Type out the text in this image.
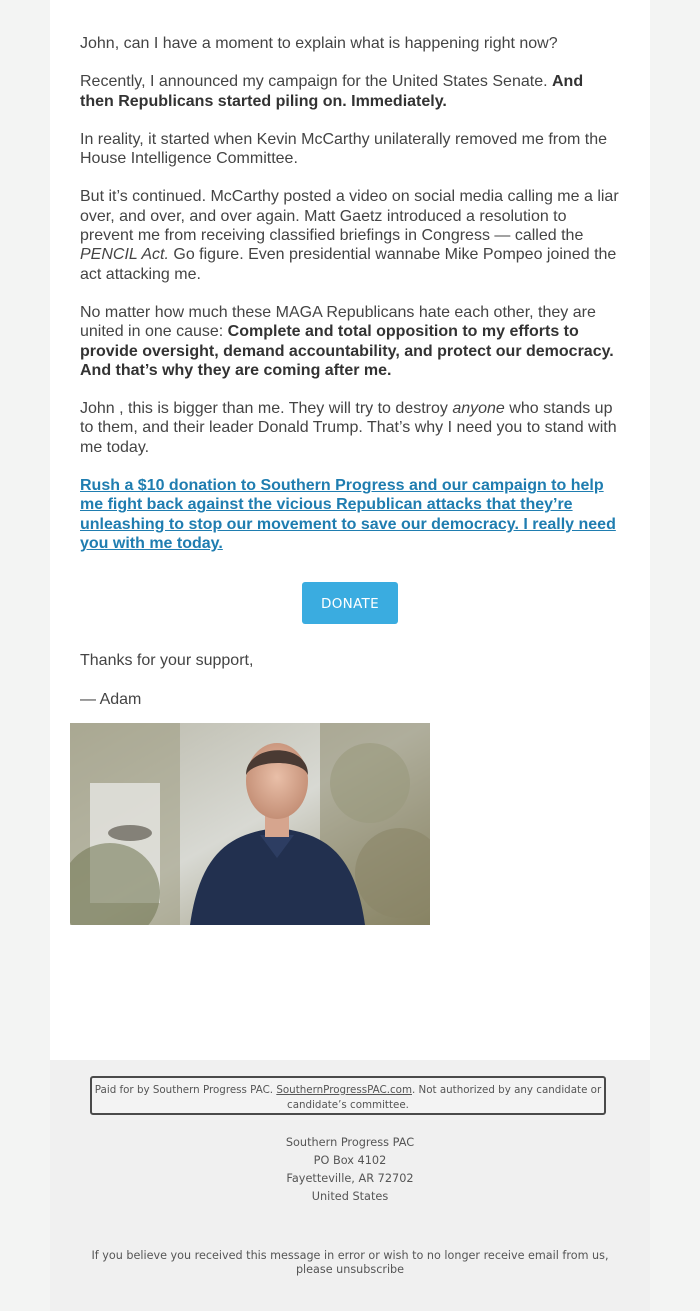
John, can I have a moment to explain what is happening right now?

Recently, I announced my campaign for the United States Senate. And then Republicans started piling on. Immediately.

In reality, it started when Kevin McCarthy unilaterally removed me from the House Intelligence Committee.

But it’s continued. McCarthy posted a video on social media calling me a liar over, and over, and over again. Matt Gaetz introduced a resolution to prevent me from receiving classified briefings in Congress — called the PENCIL Act. Go figure. Even presidential wannabe Mike Pompeo joined the act attacking me.

No matter how much these MAGA Republicans hate each other, they are united in one cause: Complete and total opposition to my efforts to provide oversight, demand accountability, and protect our democracy. And that’s why they are coming after me.

John , this is bigger than me. They will try to destroy anyone who stands up to them, and their leader Donald Trump. That’s why I need you to stand with me today.

Rush a $10 donation to Southern Progress and our campaign to help me fight back against the vicious Republican attacks that they’re unleashing to stop our movement to save our democracy. I really need you with me today.
DONATE

Thanks for your support,

— Adam

Paid for by Southern Progress PAC. SouthernProgressPAC.com. Not authorized by any candidate or candidate’s committee.
Southern Progress PAC
PO Box 4102
Fayetteville, AR 72702
United States
If you believe you received this message in error or wish to no longer receive email from us, please unsubscribe
